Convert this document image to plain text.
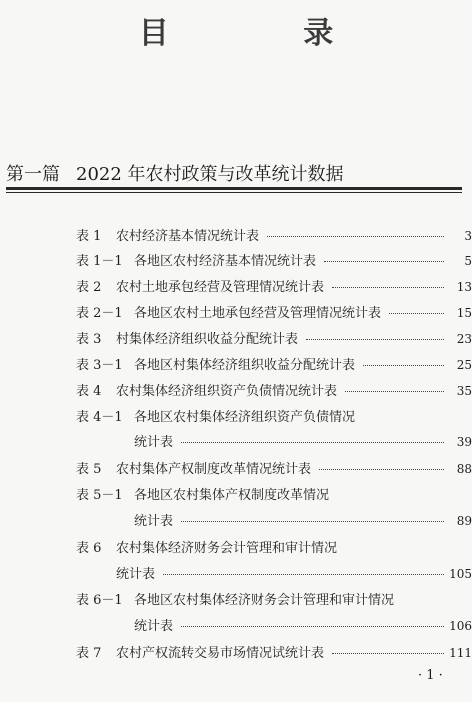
目 录
第一篇 2022 年农村政策与改革统计数据
表 1	农村经济基本情况统计表	3
表 1－1 各地区农村经济基本情况统计表	5
表 2	农村土地承包经营及管理情况统计表	13
表 2－1 各地区农村土地承包经营及管理情况统计表	15
表 3	村集体经济组织收益分配统计表	23
表 3－1 各地区村集体经济组织收益分配统计表	25
表 4	农村集体经济组织资产负债情况统计表	35
表 4－1 各地区农村集体经济组织资产负债情况
统计表	39
表 5	农村集体产权制度改革情况统计表	88
表 5－1 各地区农村集体产权制度改革情况
统计表	89
表 6	农村集体经济财务会计管理和审计情况
统计表	105
表 6－1 各地区农村集体经济财务会计管理和审计情况
统计表	106
表 7	农村产权流转交易市场情况试统计表	111
· 1 ·
